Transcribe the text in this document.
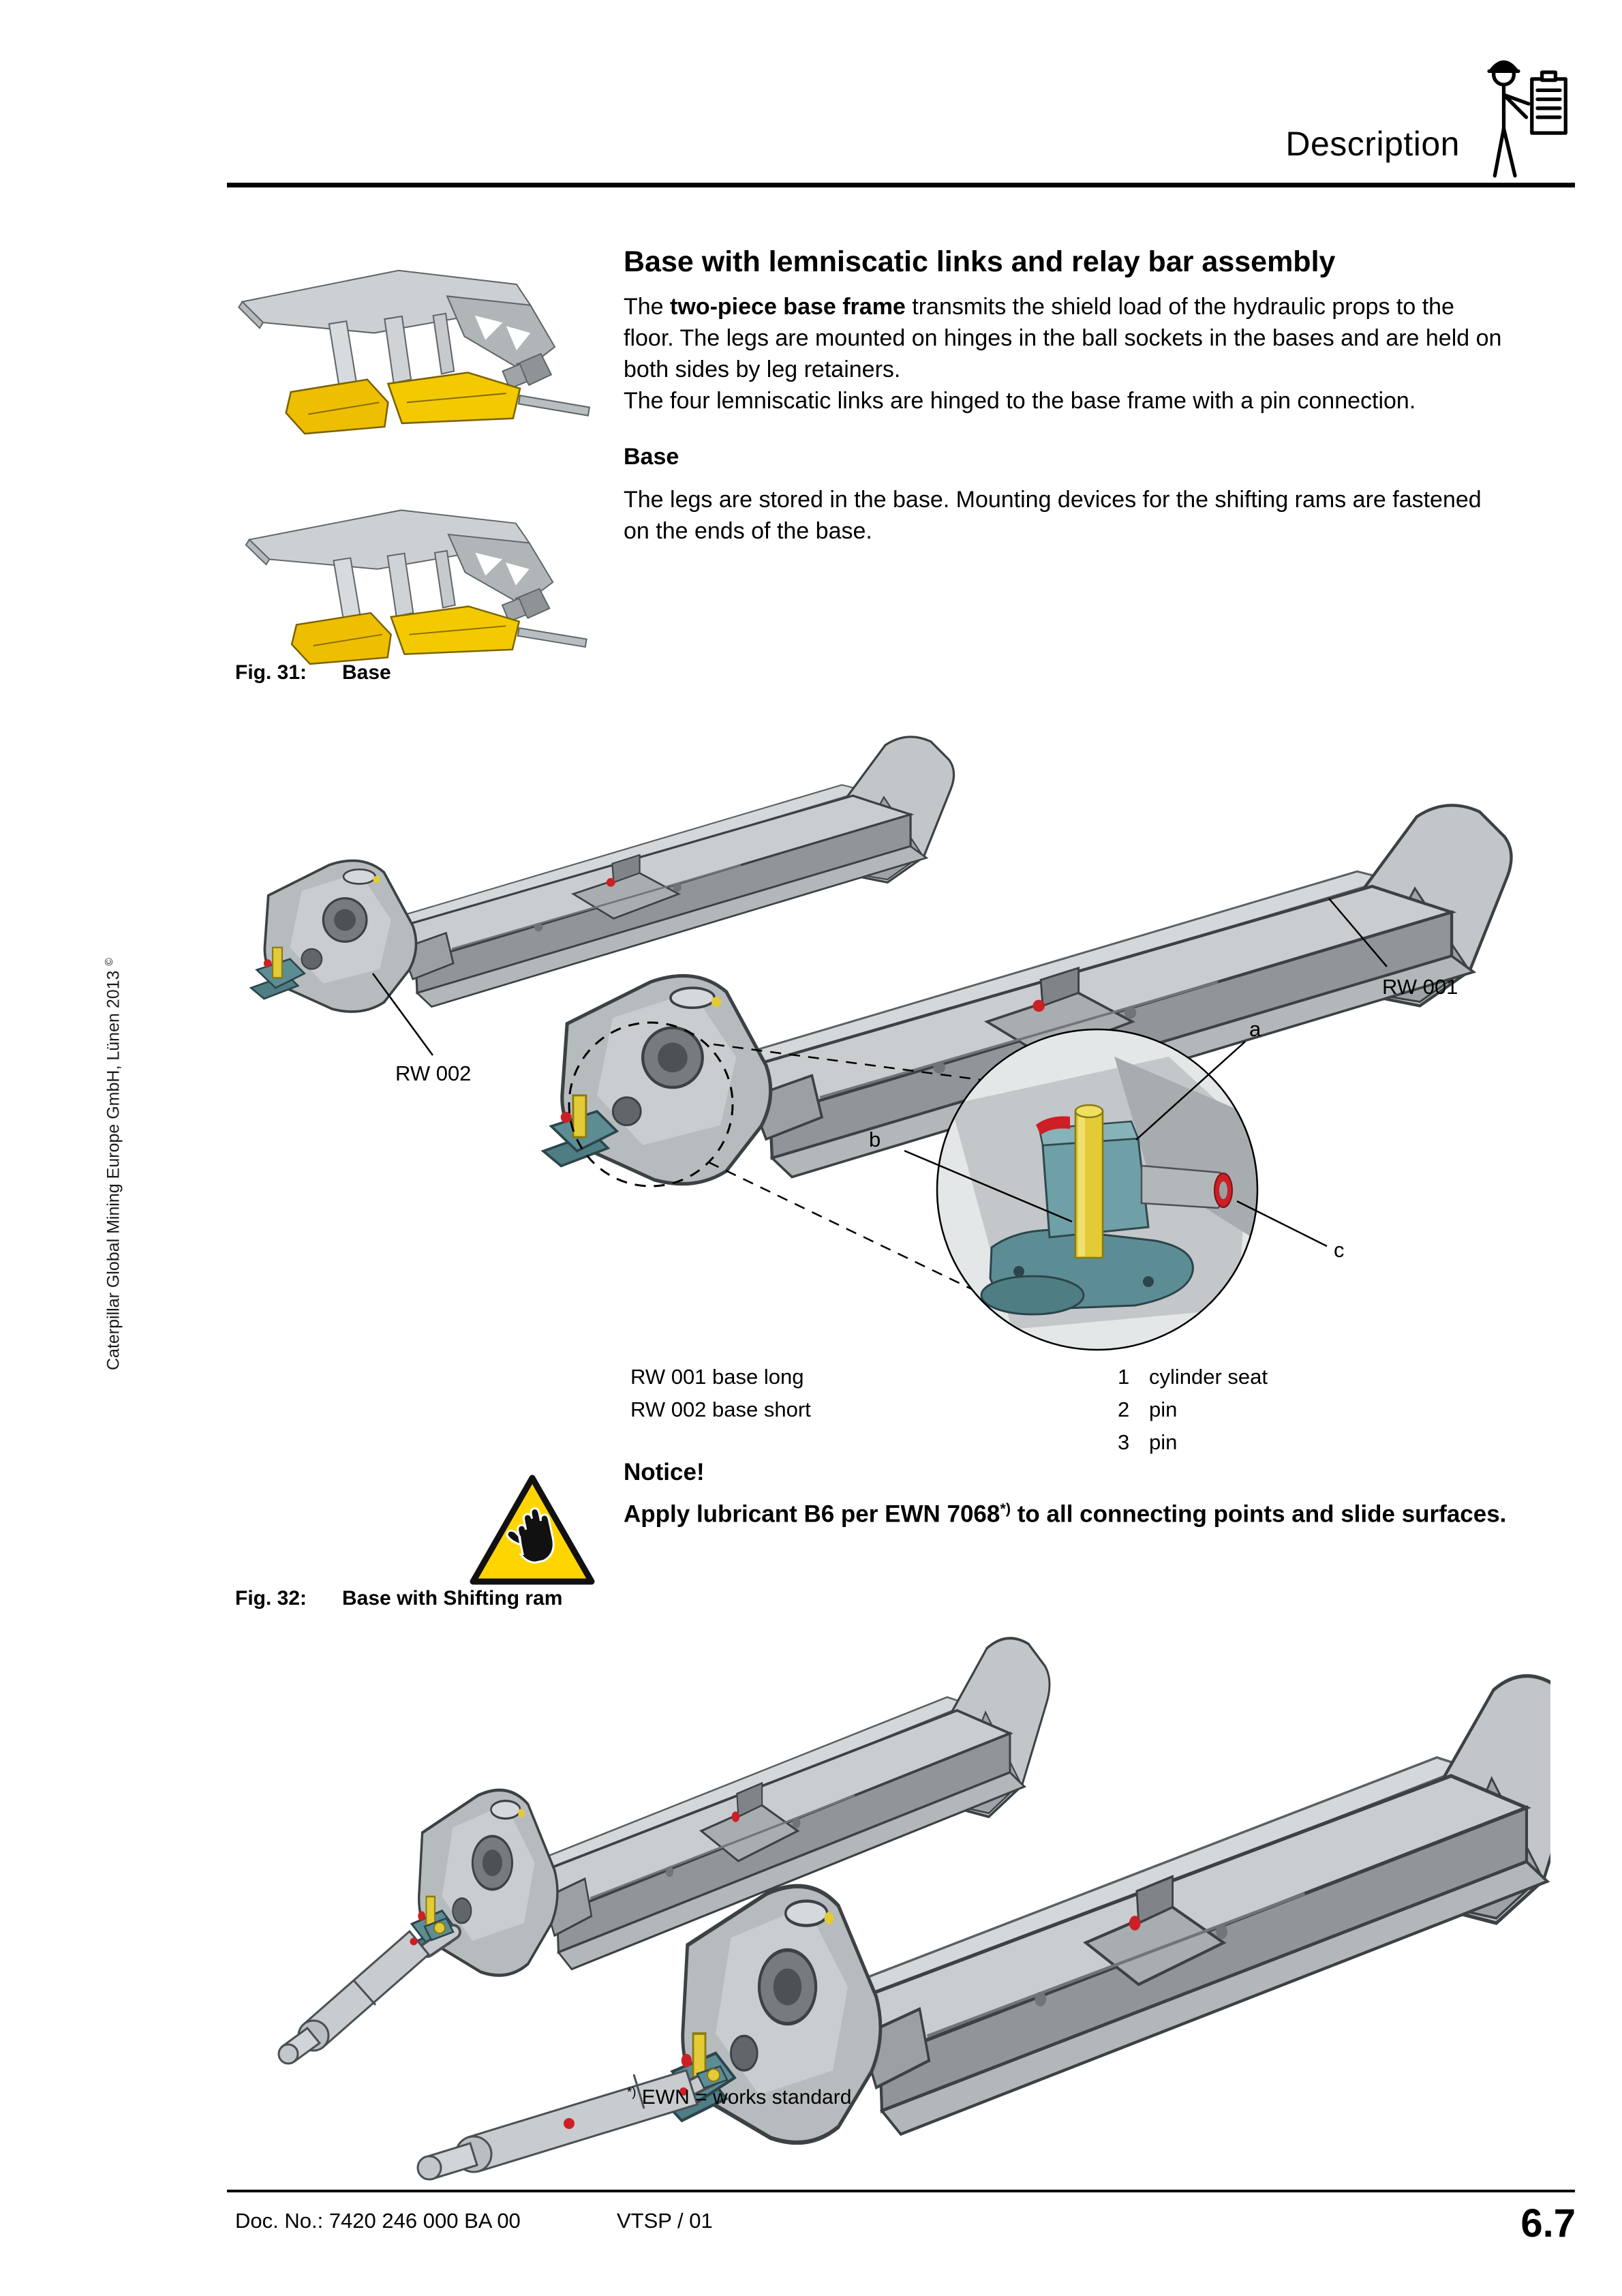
Description
Base with lemniscatic links and relay bar assembly

The two-piece base frame transmits the shield load of the hydraulic props to the floor. The legs are mounted on hinges in the ball sockets in the bases and are held on both sides by leg retainers.

The four lemniscatic links are hinged to the base frame with a pin connection.

Base

The legs are stored in the base. Mounting devices for the shifting rams are fastened on the ends of the base.

Fig. 31: Base
RW 001
RW 002
a
b
c
RW 001 base long
RW 002 base short
1 cylinder seat
2 pin
3 pin
Notice!
Apply lubricant B6 per EWN 7068*) to all connecting points and slide surfaces.
Fig. 32: Base with Shifting ram
*) EWN = works standard
Doc. No.: 7420 246 000 BA 00	VTSP / 01	6.7
Caterpillar Global Mining Europe GmbH, Lünen 2013 ©
